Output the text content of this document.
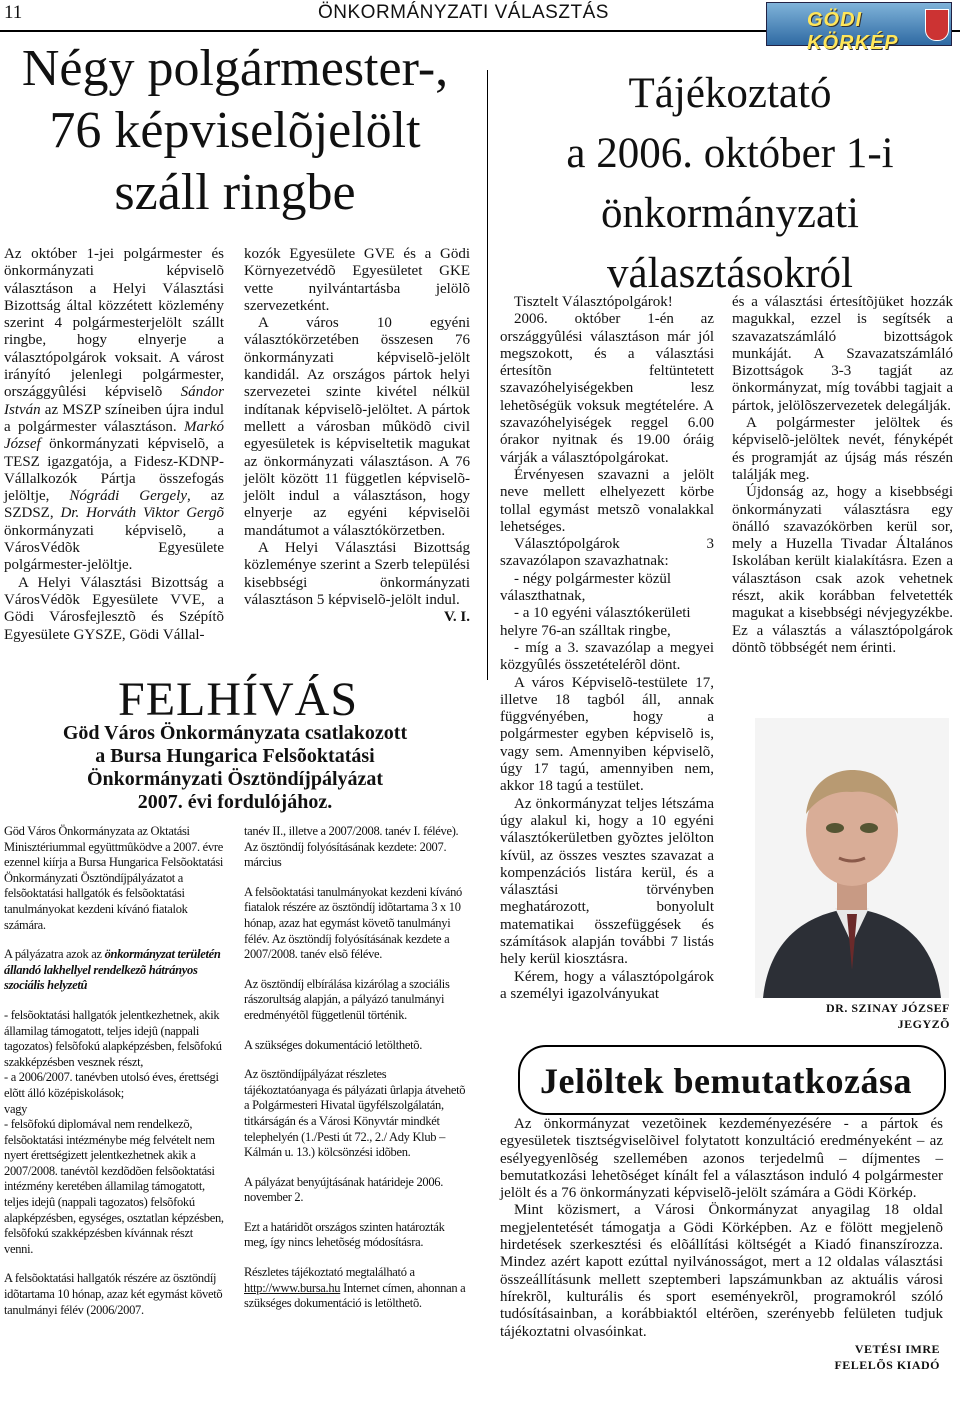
11	ÖNKORMÁNYZATI VÁLASZTÁS	GÖDI KÖRKÉP
Négy polgármester-,
76 képviselõjelölt
száll ringbe

Az október 1-jei polgármester és önkormányzati képviselõ választáson a Helyi Választási Bizottság által közzétett közlemény szerint 4 polgármesterjelölt szállt ringbe, hogy elnyerje a választópolgárok voksait. A várost irányító jelenlegi polgármester, országgyûlési képviselõ Sándor István az MSZP színeiben újra indul a polgármester választáson. Markó József önkormányzati képviselõ, a TESZ igazgatója, a Fidesz-KDNP-Vállalkozók Pártja összefogás jelöltje, Nógrádi Gergely, az SZDSZ, Dr. Horváth Viktor Gergõ önkormányzati képviselõ, a VárosVédõk Egyesülete polgármester-jelöltje.

A Helyi Választási Bizottság a VárosVédõk Egyesülete VVE, a Gödi Városfejlesztõ és Szépítõ Egyesülete GYSZE, Gödi Vállal-

kozók Egyesülete GVE és a Gödi Környezetvédõ Egyesületet GKE vette nyilvántartásba jelölõ szervezetként.

A város 10 egyéni választókörzetében összesen 76 önkormányzati képviselõ-jelölt kandidál. Az országos pártok helyi szervezetei szinte kivétel nélkül indítanak képviselõ-jelöltet. A pártok mellett a városban mûködõ civil egyesületek is képviseltetik magukat az önkormányzati választáson. A 76 jelölt között 11 független képviselõ-jelölt indul a választáson, hogy elnyerje az egyéni képviselõi mandátumot a választókörzetben.

A Helyi Választási Bizottság közleménye szerint a Szerb települési kisebbségi önkormányzati választáson 5 képviselõ-jelölt indul.

V. I.
FELHÍVÁS
Göd Város Önkormányzata csatlakozott
a Bursa Hungarica Felsõoktatási
Önkormányzati Ösztöndíjpályázat
2007. évi fordulójához.

Göd Város Önkormányzata az Oktatási Minisztériummal együttmûködve a 2007. évre ezennel kiírja a Bursa Hungarica Felsõoktatási Önkormányzati Ösztöndíjpályázatot a felsõoktatási hallgatók és felsõoktatási tanulmányokat kezdeni kívánó fiatalok számára.

A pályázatra azok az önkormányzat területén állandó lakhellyel rendelkezõ hátrányos szociális helyzetû

- felsõoktatási hallgatók jelentkezhetnek, akik államilag támogatott, teljes idejû (nappali

tagozatos) felsõfokú alapképzésben, felsõfokú szakképzésben vesznek részt,

- a 2006/2007. tanévben utolsó éves, érettségi elõtt álló középiskolások;

vagy

- felsõfokú diplomával nem rendelkezõ, felsõoktatási intézménybe még felvételt nem nyert érettségizett jelentkezhetnek akik a 2007/2008. tanévtõl kezdõdõen felsõoktatási intézmény keretében államilag támogatott, teljes idejû (nappali tagozatos) felsõfokú alapképzésben, egységes, osztatlan képzésben, felsõfokú szakképzésben kívánnak részt venni.

A felsõoktatási hallgatók részére az ösztöndíj idõtartama 10 hónap, azaz két egymást követõ tanulmányi félév (2006/2007.

tanév II., illetve a 2007/2008. tanév I. féléve). Az ösztöndíj folyósításának kezdete: 2007. március

A felsõoktatási tanulmányokat kezdeni kívánó fiatalok részére az ösztöndíj idõtartama 3 x 10 hónap, azaz hat egymást követõ tanulmányi félév. Az ösztöndíj folyósításának kezdete a 2007/2008. tanév elsõ féléve.

Az ösztöndíj elbírálása kizárólag a szociális rászorultság alapján, a pályázó tanulmányi eredményétõl függetlenül történik.

A szükséges dokumentáció letölthetõ.

Az ösztöndíjpályázat részletes tájékoztatóanyaga és pályázati ûrlapja átvehetõ a Polgármesteri Hivatal ügyfélszolgálatán, titkárságán és a Városi Könyvtár mindkét telephelyén (1./Pesti út 72., 2./ Ady Klub – Kálmán u. 13.) kölcsönzési idõben.

A pályázat benyújtásának határideje 2006. november 2.

Ezt a határidõt országos szinten határozták meg, így nincs lehetõség módosításra.

Részletes tájékoztató megtalálható a http://www.bursa.hu Internet címen, ahonnan a szükséges dokumentáció is letölthetõ.

Tájékoztató
a 2006. október 1-i
önkormányzati
választásokról

Tisztelt Választópolgárok!

2006. október 1-én az országgyûlési választáson már jól megszokott, és a választási értesítõn feltüntetett szavazóhelyiségekben lesz lehetõségük voksuk megtételére. A szavazóhelyiségek reggel 6.00 órakor nyitnak és 19.00 óráig várják a választópolgárokat.

Érvényesen szavazni a jelölt neve mellett elhelyezett körbe tollal egymást metszõ vonalakkal lehetséges.

Választópolgárok 3 szavazólapon szavazhatnak:

- négy polgármester közül választhatnak,

- a 10 egyéni választókerületi helyre 76-an szálltak ringbe,

- míg a 3. szavazólap a megyei közgyûlés összetételérõl dönt.

A város Képviselõ-testülete 17, illetve 18 tagból áll, annak függvényében, hogy a polgármester egyben képviselõ is, vagy sem. Amennyiben képviselõ, úgy 17 tagú, amennyiben nem, akkor 18 tagú a testület.

Az önkormányzat teljes létszáma úgy alakul ki, hogy a 10 egyéni választókerületben gyõztes jelölton kívül, az összes vesztes szavazat a kompenzációs listára kerül, és a választási törvényben meghatározott, bonyolult matematikai összefüggések és számítások alapján további 7 listás hely kerül kiosztásra.

Kérem, hogy a választópolgárok a személyi igazolványukat

és a választási értesítõjüket hozzák magukkal, ezzel is segítsék a szavazatszámláló bizottságok munkáját. A Szavazatszámláló Bizottságok 3-3 tagját az önkormányzat, míg további tagjait a pártok, jelölõszervezetek delegálják.

A polgármester jelöltek és képviselõ-jelöltek nevét, fényképét és programját az újság más részén találják meg.

Újdonság az, hogy a kisebbségi önkormányzati választásra egy önálló szavazókörben kerül sor, mely a Huzella Tivadar Általános Iskolában került kialakításra. Ezen a választáson csak azok vehetnek részt, akik korábban felvetették magukat a kisebbségi névjegyzékbe. Ez a választás a választópolgárok döntõ többségét nem érinti.

DR. SZINAY JÓZSEF
JEGYZÕ
Jelöltek bemutatkozása

Az önkormányzat vezetõinek kezdeményezésére - a pártok és egyesületek tisztségviselõivel folytatott konzultáció eredményeként – az esélyegyenlõség szellemében azonos terjedelmû – díjmentes – bemutatkozási lehetõséget kínált fel a választáson induló 4 polgármester jelölt és a 76 önkormányzati képviselõ-jelölt számára a Gödi Körkép.

Mint közismert, a Városi Önkormányzat anyagilag 18 oldal megjelentetését támogatja a Gödi Körképben. Az e fölött megjelenõ hirdetések szerkesztési és elõállítási költségét a Kiadó finanszírozza. Mindez azért kapott ezúttal nyilvánosságot, mert a 12 oldalas választási összeállításunk mellett szeptemberi lapszámunkban az aktuális városi hírekrõl, kulturális és sport eseményekrõl, programokról szóló tudósításainban, a korábbiaktól eltérõen, szerényebb felületen tudjuk tájékoztatni olvasóinkat.

VETÉSI IMRE
FELELÕS KIADÓ
